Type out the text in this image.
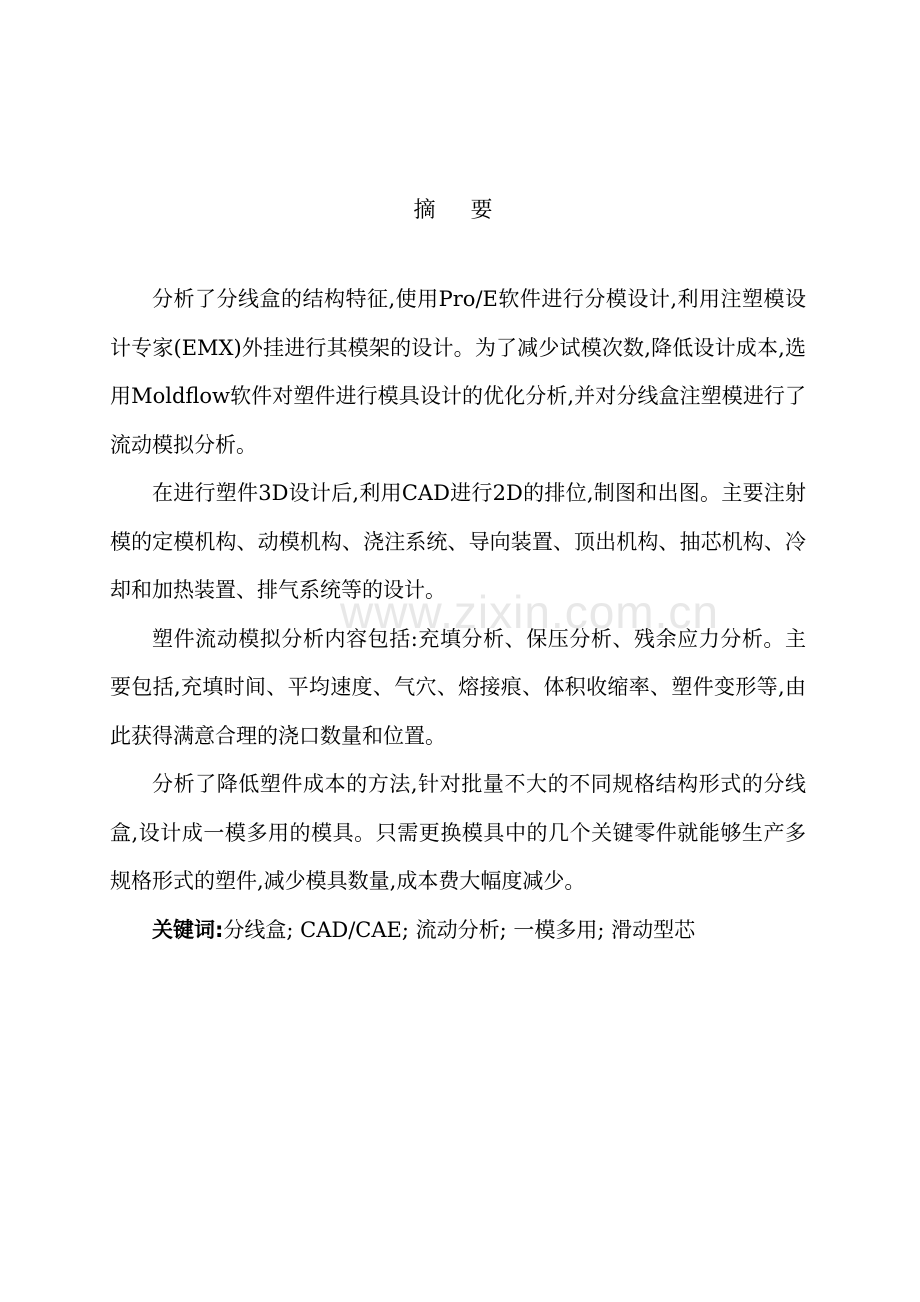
www.zixin.com.cn
摘 要

分析了分线盒的结构特征,使用Pro/E软件进行分模设计,利用注塑模设计专家(EMX)外挂进行其模架的设计。为了减少试模次数,降低设计成本,选用Moldflow软件对塑件进行模具设计的优化分析,并对分线盒注塑模进行了流动模拟分析。

在进行塑件3D设计后,利用CAD进行2D的排位,制图和出图。主要注射模的定模机构、动模机构、浇注系统、导向装置、顶出机构、抽芯机构、冷却和加热装置、排气系统等的设计。

塑件流动模拟分析内容包括:充填分析、保压分析、残余应力分析。主要包括,充填时间、平均速度、气穴、熔接痕、体积收缩率、塑件变形等,由此获得满意合理的浇口数量和位置。

分析了降低塑件成本的方法,针对批量不大的不同规格结构形式的分线盒,设计成一模多用的模具。只需更换模具中的几个关键零件就能够生产多规格形式的塑件,减少模具数量,成本费大幅度减少。

关键词:分线盒; CAD/CAE; 流动分析; 一模多用; 滑动型芯
